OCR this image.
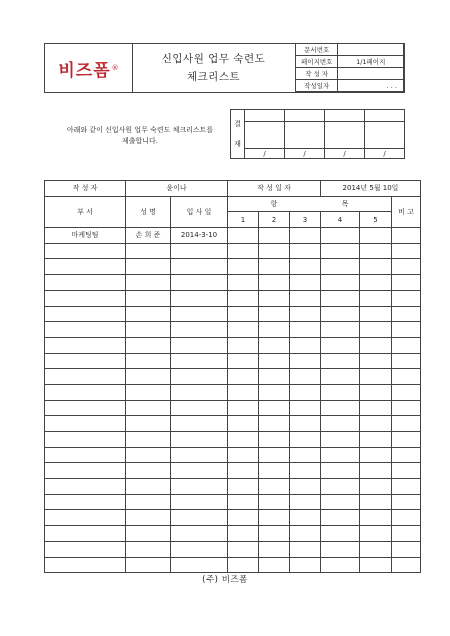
비즈폼 ®
신입사원 업무 숙련도
체크리스트
문서번호	
페이지번호	1/1페이지
작 성 자	
작성일자	. . .
아래와 같이 신입사원 업무 숙련도 체크리스트를
제출합니다.
결
재				

	/	/	/	/
작 성 자	윤이나		작 성 일 자			2014년 5월 10일		
부 서	성 명	입 사 일	항 목					비 고
			1	2	3	4	5	
마케팅팀	손 희 준	2014-3-10						

(주) 비즈폼
